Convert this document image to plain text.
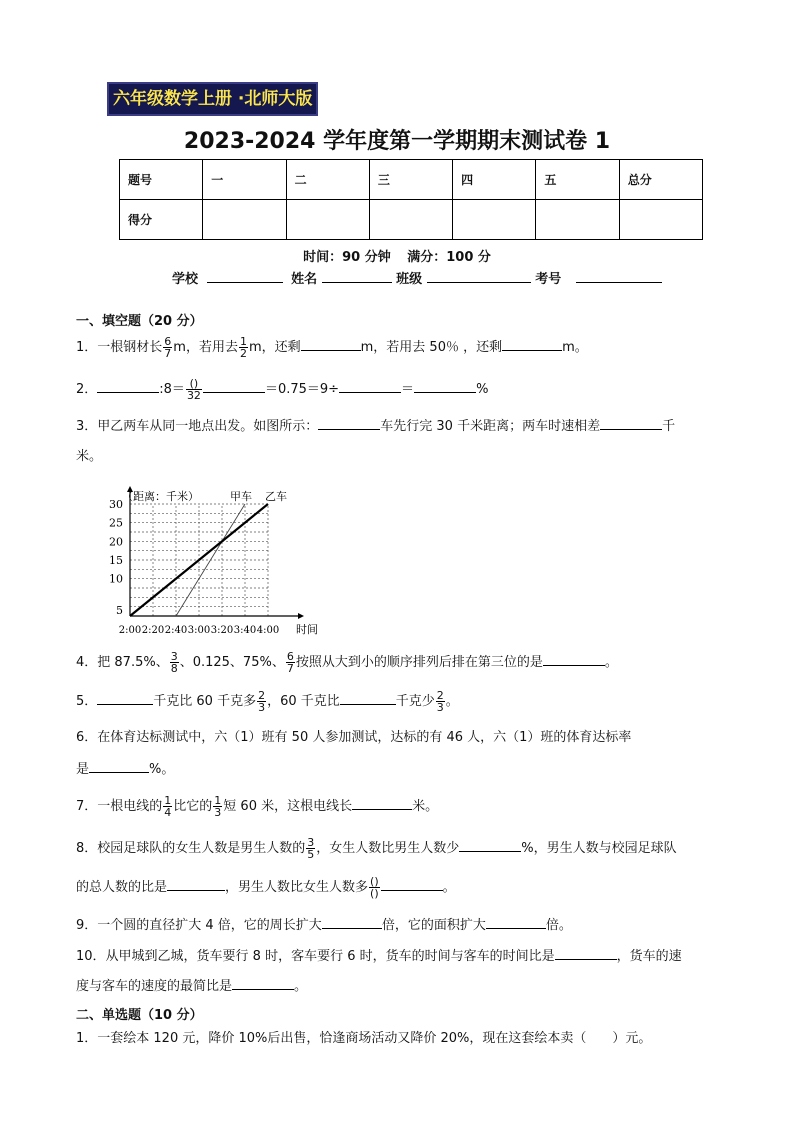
六年级数学上册 ·北师大版
2023-2024 学年度第一学期期末测试卷 1
题号	一	二	三	四	五	总分
得分						
时间：90 分钟 满分：100 分
学校	姓名	班级	考号
一、填空题（20 分）
1．一根钢材长 $\frac{6}{7}$ m，若用去 $\frac{1}{2}$ m，还剩	m，若用去 50％ ，还剩	m。
2．	:8＝ $\frac{()}{32}$	＝0.75＝9÷	＝	%
3．甲乙两车从同一地点出发。如图所示：	车先行完 30 千米距离；两车时速相差	千
米。
5
10
15
20
25
30
2:00 2:20 2:40 3:00 3:20 3:40 4:00 时间
（距离：千米）	甲车 乙车
4．把 87.5%、 $\frac{3}{8}$ 、0.125、75%、 $\frac{6}{7}$ 按照从大到小的顺序排列后排在第三位的是	。
5．	千克比 60 千克多 $\frac{2}{3}$ ，60 千克比	千克少 $\frac{2}{3}$ 。
6．在体育达标测试中，六（1）班有 50 人参加测试，达标的有 46 人，六（1）班的体育达标率
是	%。
7．一根电线的 $\frac{1}{4}$ 比它的 $\frac{1}{3}$ 短 60 米，这根电线长	米。
8．校园足球队的女生人数是男生人数的 $\frac{3}{5}$ ，女生人数比男生人数少	%，男生人数与校园足球队
的总人数的比是	，男生人数比女生人数多 $\frac{()}{()}$	。
9．一个圆的直径扩大 4 倍，它的周长扩大	倍，它的面积扩大	倍。
10．从甲城到乙城，货车要行 8 时，客车要行 6 时，货车的时间与客车的时间比是	，货车的速
度与客车的速度的最简比是	。
二、单选题（10 分）
1．一套绘本 120 元，降价 10%后出售，恰逢商场活动又降价 20%，现在这套绘本卖（　　）元。
